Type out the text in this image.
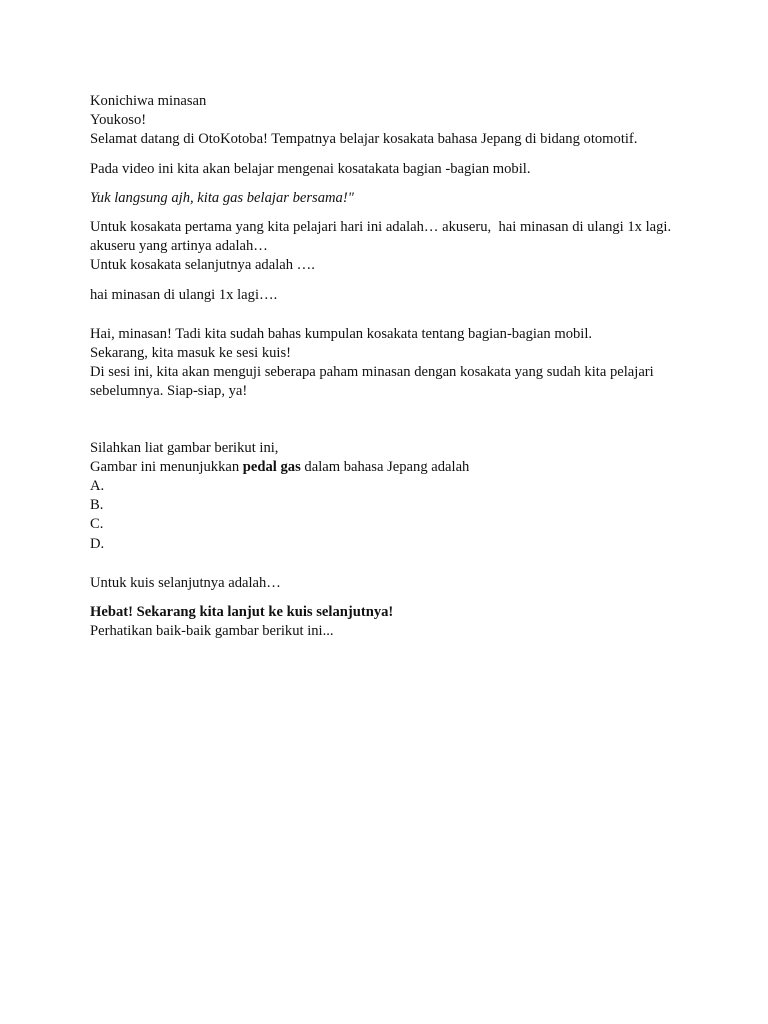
Konichiwa minasan
Youkoso!
Selamat datang di OtoKotoba! Tempatnya belajar kosakata bahasa Jepang di bidang otomotif.
Pada video ini kita akan belajar mengenai kosatakata bagian -bagian mobil.
Yuk langsung ajh, kita gas belajar bersama!"
Untuk kosakata pertama yang kita pelajari hari ini adalah… akuseru,  hai minasan di ulangi 1x lagi.
akuseru yang artinya adalah…
Untuk kosakata selanjutnya adalah ….
hai minasan di ulangi 1x lagi….
Hai, minasan! Tadi kita sudah bahas kumpulan kosakata tentang bagian-bagian mobil.
Sekarang, kita masuk ke sesi kuis!
Di sesi ini, kita akan menguji seberapa paham minasan dengan kosakata yang sudah kita pelajari sebelumnya. Siap-siap, ya!
Silahkan liat gambar berikut ini,
Gambar ini menunjukkan pedal gas dalam bahasa Jepang adalah
A.
B.
C.
D.
Untuk kuis selanjutnya adalah…
Hebat! Sekarang kita lanjut ke kuis selanjutnya!
Perhatikan baik-baik gambar berikut ini...
